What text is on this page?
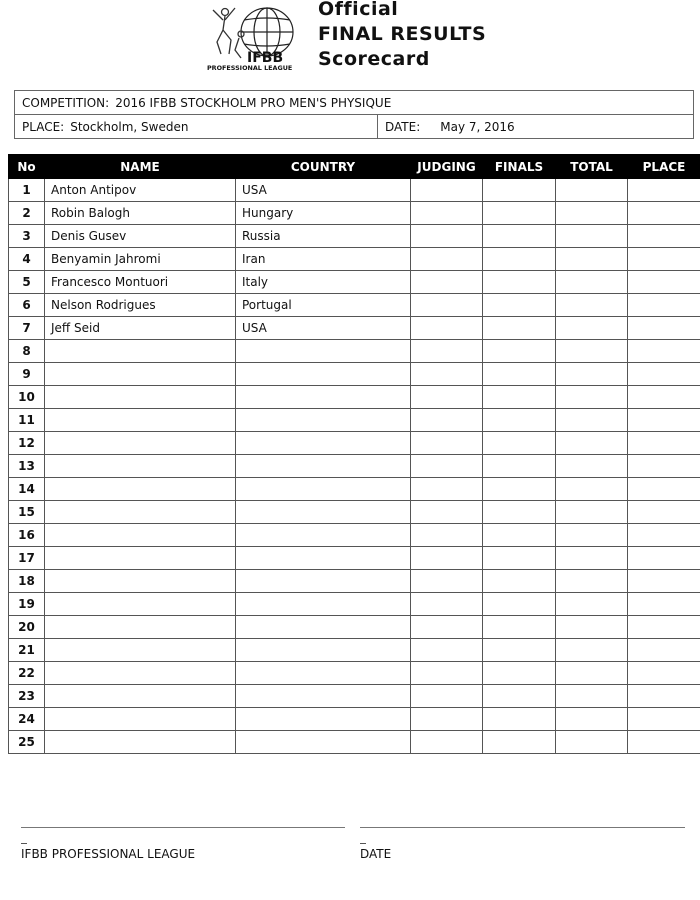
IFBB
PROFESSIONAL LEAGUE
Official
FINAL RESULTS
Scorecard
COMPETITION: 2016 IFBB STOCKHOLM PRO MEN'S PHYSIQUE
PLACE: Stockholm, Sweden	DATE: May 7, 2016
No	NAME	COUNTRY	JUDGING	FINALS	TOTAL	PLACE
1	Anton Antipov	USA				
2	Robin Balogh	Hungary				
3	Denis Gusev	Russia				
4	Benyamin Jahromi	Iran				
5	Francesco Montuori	Italy				
6	Nelson Rodrigues	Portugal				
7	Jeff Seid	USA				
8						
9						
10						
11						
12						
13						
14						
15						
16						
17						
18						
19						
20						
21						
22						
23						
24						
25						
IFBB PROFESSIONAL LEAGUE	DATE
